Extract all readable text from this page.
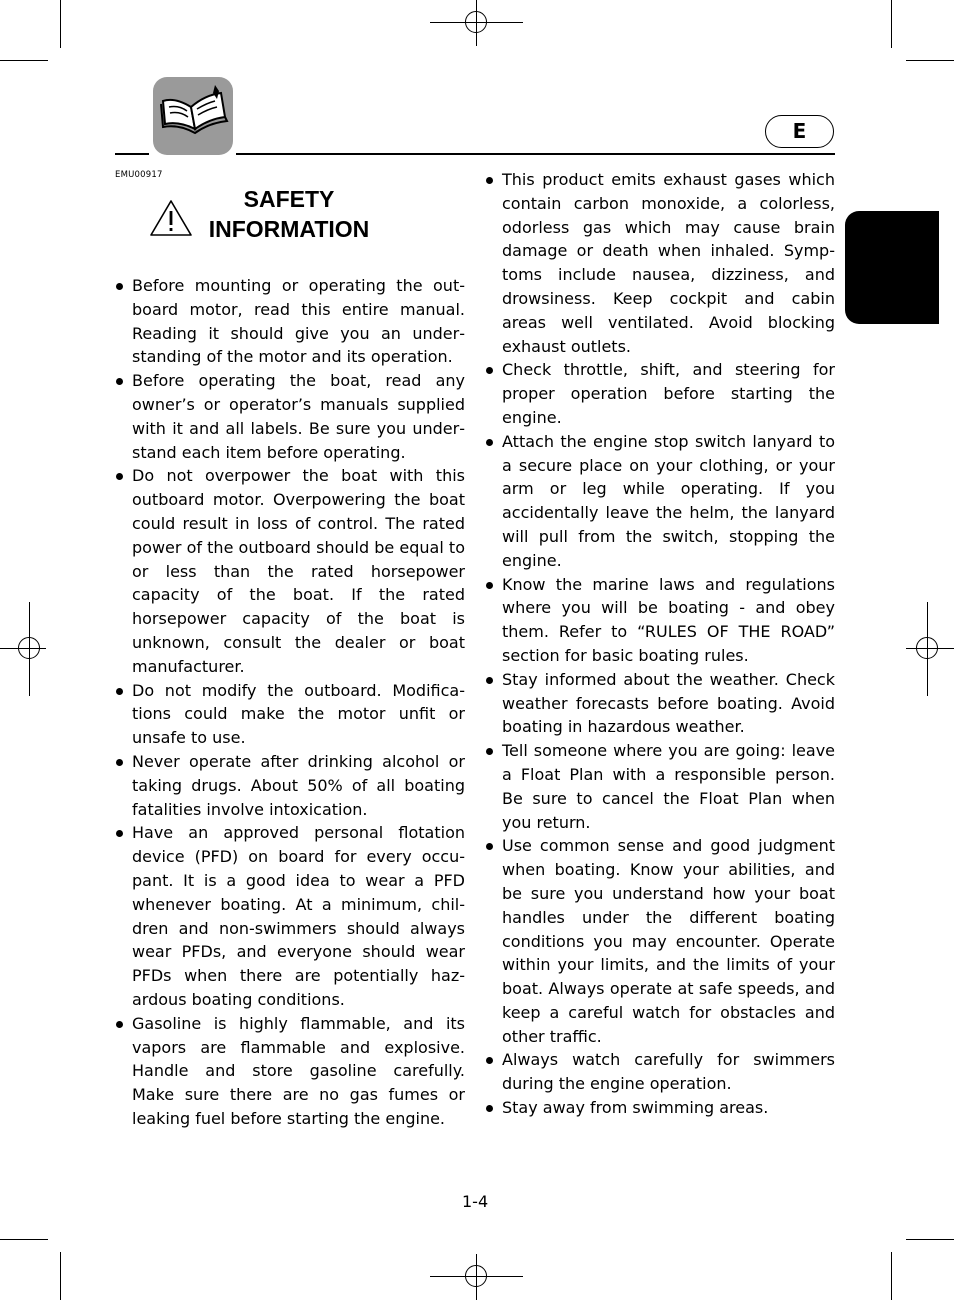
E
EMU00917
SAFETY
INFORMATION
Before mounting or operating the outboard motor, read this entire manual. Reading it should give you an understanding of the motor and its operation.
Before operating the boat, read any owner’s or operator’s manuals supplied with it and all labels. Be sure you understand each item before operating.
Do not overpower the boat with this outboard motor. Overpowering the boat could result in loss of control. The rated power of the outboard should be equal to or less than the rated horsepower capacity of the boat. If the rated horsepower capacity of the boat is unknown, consult the dealer or boat manufacturer.
Do not modify the outboard. Modifications could make the motor unfit or unsafe to use.
Never operate after drinking alcohol or taking drugs. About 50% of all boating fatalities involve intoxication.
Have an approved personal flotation device (PFD) on board for every occupant. It is a good idea to wear a PFD whenever boating. At a minimum, children and non-swimmers should always wear PFDs, and everyone should wear PFDs when there are potentially hazardous boating conditions.
Gasoline is highly flammable, and its vapors are flammable and explosive. Handle and store gasoline carefully. Make sure there are no gas fumes or leaking fuel before starting the engine.
This product emits exhaust gases which contain carbon monoxide, a colorless, odorless gas which may cause brain damage or death when inhaled. Symptoms include nausea, dizziness, and drowsiness. Keep cockpit and cabin areas well ventilated. Avoid blocking exhaust outlets.
Check throttle, shift, and steering for proper operation before starting the engine.
Attach the engine stop switch lanyard to a secure place on your clothing, or your arm or leg while operating. If you accidentally leave the helm, the lanyard will pull from the switch, stopping the engine.
Know the marine laws and regulations where you will be boating - and obey them. Refer to “RULES OF THE ROAD” section for basic boating rules.
Stay informed about the weather. Check weather forecasts before boating. Avoid boating in hazardous weather.
Tell someone where you are going: leave a Float Plan with a responsible person. Be sure to cancel the Float Plan when you return.
Use common sense and good judgment when boating. Know your abilities, and be sure you understand how your boat handles under the different boating conditions you may encounter. Operate within your limits, and the limits of your boat. Always operate at safe speeds, and keep a careful watch for obstacles and other traffic.
Always watch carefully for swimmers during the engine operation.
Stay away from swimming areas.
1-4
